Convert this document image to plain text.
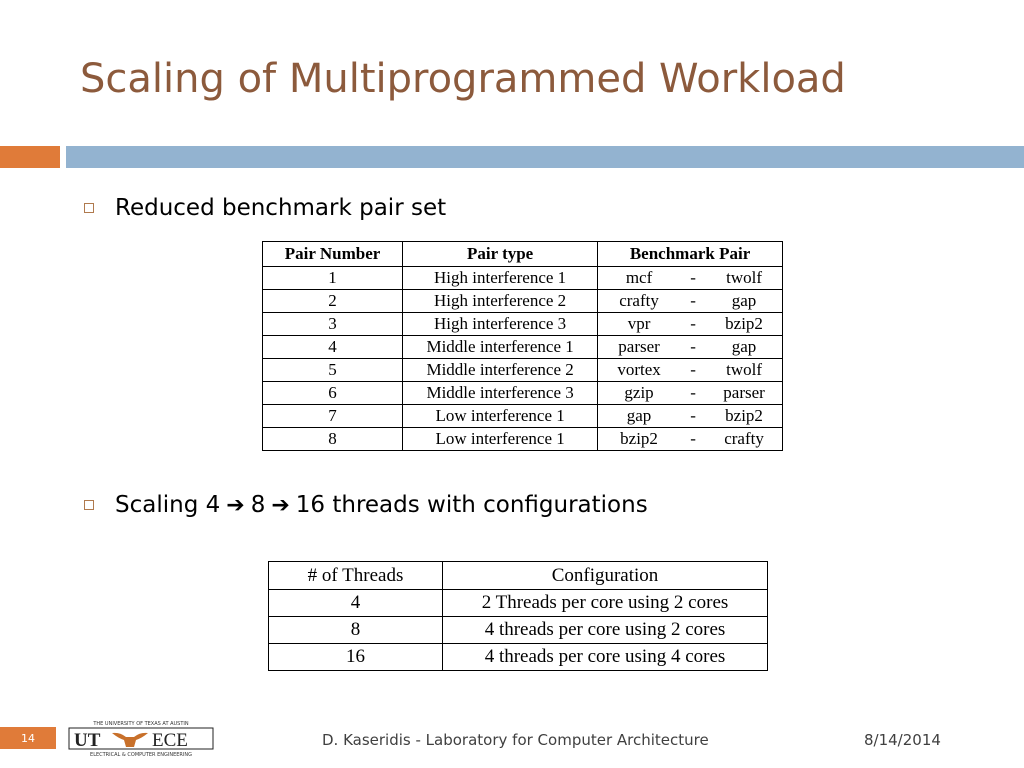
Scaling of Multiprogrammed Workload
Reduced benchmark pair set
Pair Number	Pair type	Benchmark Pair
1	High interference 1	mcf - twolf
2	High interference 2	crafty - gap
3	High interference 3	vpr - bzip2
4	Middle interference 1	parser - gap
5	Middle interference 2	vortex - twolf
6	Middle interference 3	gzip - parser
7	Low interference 1	gap - bzip2
8	Low interference 1	bzip2 - crafty
Scaling 4 ➔ 8 ➔ 16 threads with configurations
# of Threads	Configuration
4	2 Threads per core using 2 cores
8	4 threads per core using 2 cores
16	4 threads per core using 4 cores
14
THE UNIVERSITY OF TEXAS AT AUSTIN
UT	ECE
ELECTRICAL & COMPUTER ENGINEERING
D. Kaseridis - Laboratory for Computer Architecture	8/14/2014
